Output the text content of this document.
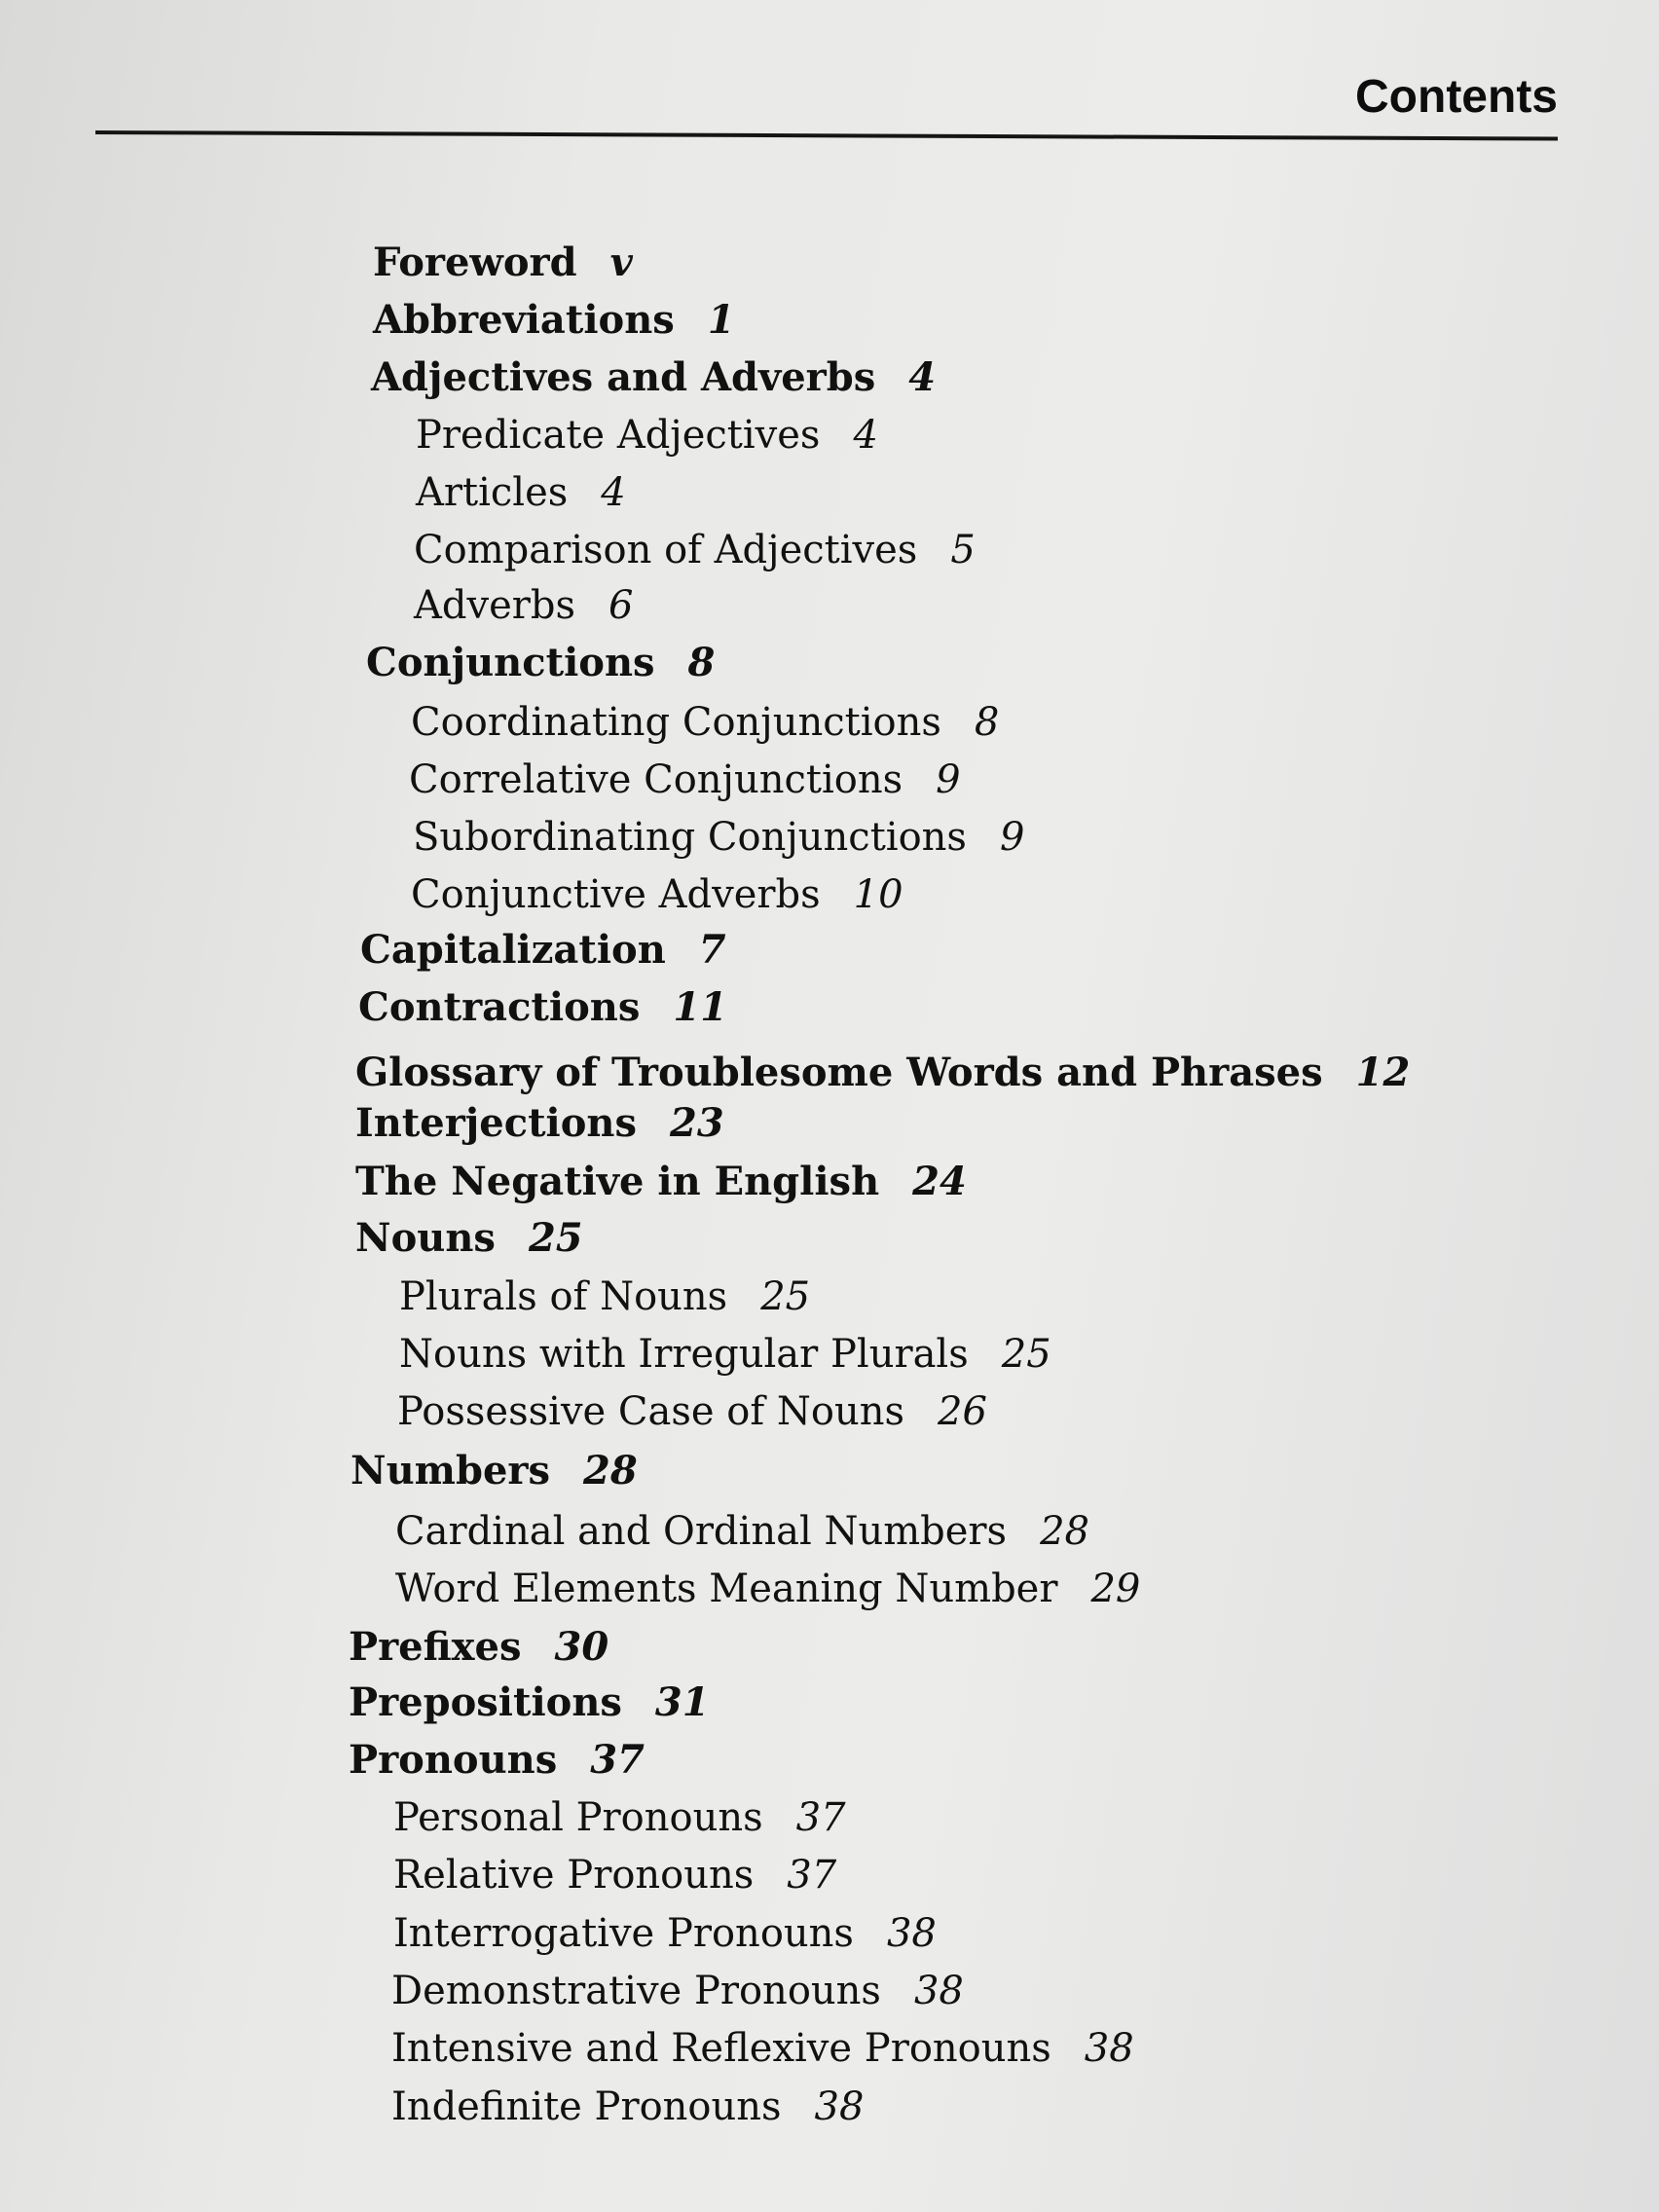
Contents
Foreword v
Abbreviations 1
Adjectives and Adverbs 4
Predicate Adjectives 4
Articles 4
Comparison of Adjectives 5
Adverbs 6
Conjunctions 8
Coordinating Conjunctions 8
Correlative Conjunctions 9
Subordinating Conjunctions 9
Conjunctive Adverbs 10
Capitalization 7
Contractions 11
Glossary of Troublesome Words and Phrases 12
Interjections 23
The Negative in English 24
Nouns 25
Plurals of Nouns 25
Nouns with Irregular Plurals 25
Possessive Case of Nouns 26
Numbers 28
Cardinal and Ordinal Numbers 28
Word Elements Meaning Number 29
Prefixes 30
Prepositions 31
Pronouns 37
Personal Pronouns 37
Relative Pronouns 37
Interrogative Pronouns 38
Demonstrative Pronouns 38
Intensive and Reflexive Pronouns 38
Indefinite Pronouns 38
